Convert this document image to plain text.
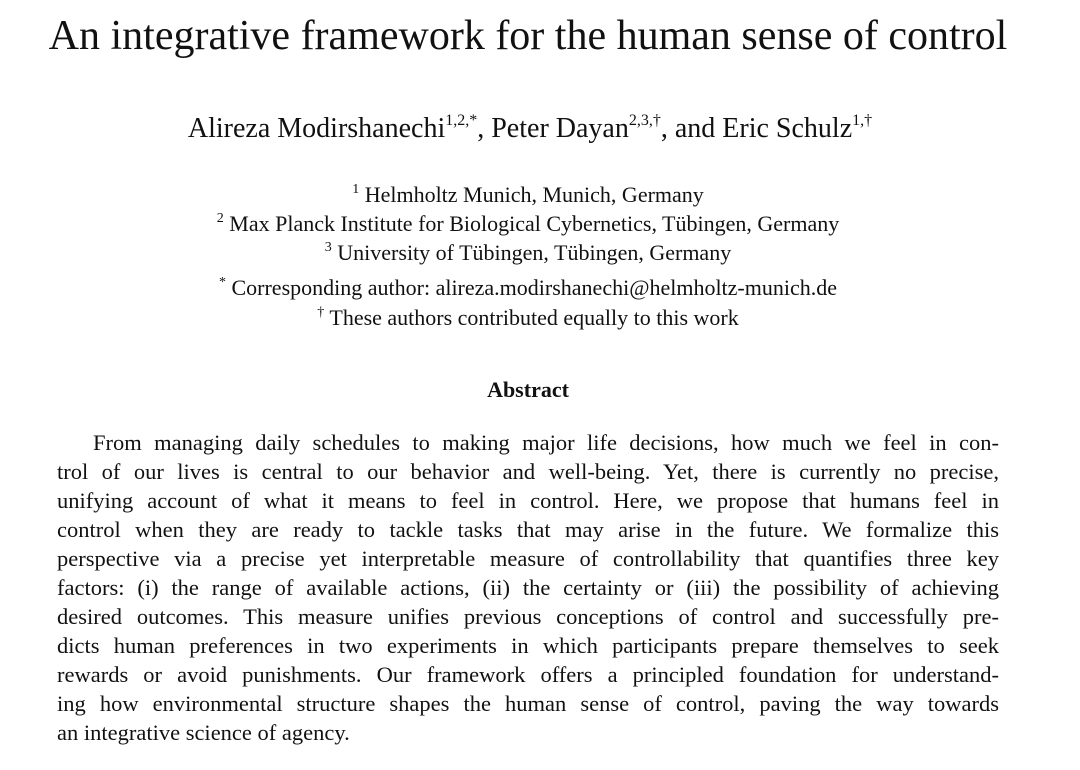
An integrative framework for the human sense of control
Alireza Modirshanechi$^{1,2,*}$, Peter Dayan$^{2,3,\dagger}$, and Eric Schulz$^{1,\dagger}$
$^1$ Helmholtz Munich, Munich, Germany
$^2$ Max Planck Institute for Biological Cybernetics, Tübingen, Germany
$^3$ University of Tübingen, Tübingen, Germany
* Corresponding author: alireza.modirshanechi@helmholtz-munich.de
† These authors contributed equally to this work
Abstract
From managing daily schedules to making major life decisions, how much we feel in con-
trol of our lives is central to our behavior and well-being. Yet, there is currently no precise,
unifying account of what it means to feel in control. Here, we propose that humans feel in
control when they are ready to tackle tasks that may arise in the future. We formalize this
perspective via a precise yet interpretable measure of controllability that quantifies three key
factors: (i) the range of available actions, (ii) the certainty or (iii) the possibility of achieving
desired outcomes. This measure unifies previous conceptions of control and successfully pre-
dicts human preferences in two experiments in which participants prepare themselves to seek
rewards or avoid punishments. Our framework offers a principled foundation for understand-
ing how environmental structure shapes the human sense of control, paving the way towards
an integrative science of agency.
